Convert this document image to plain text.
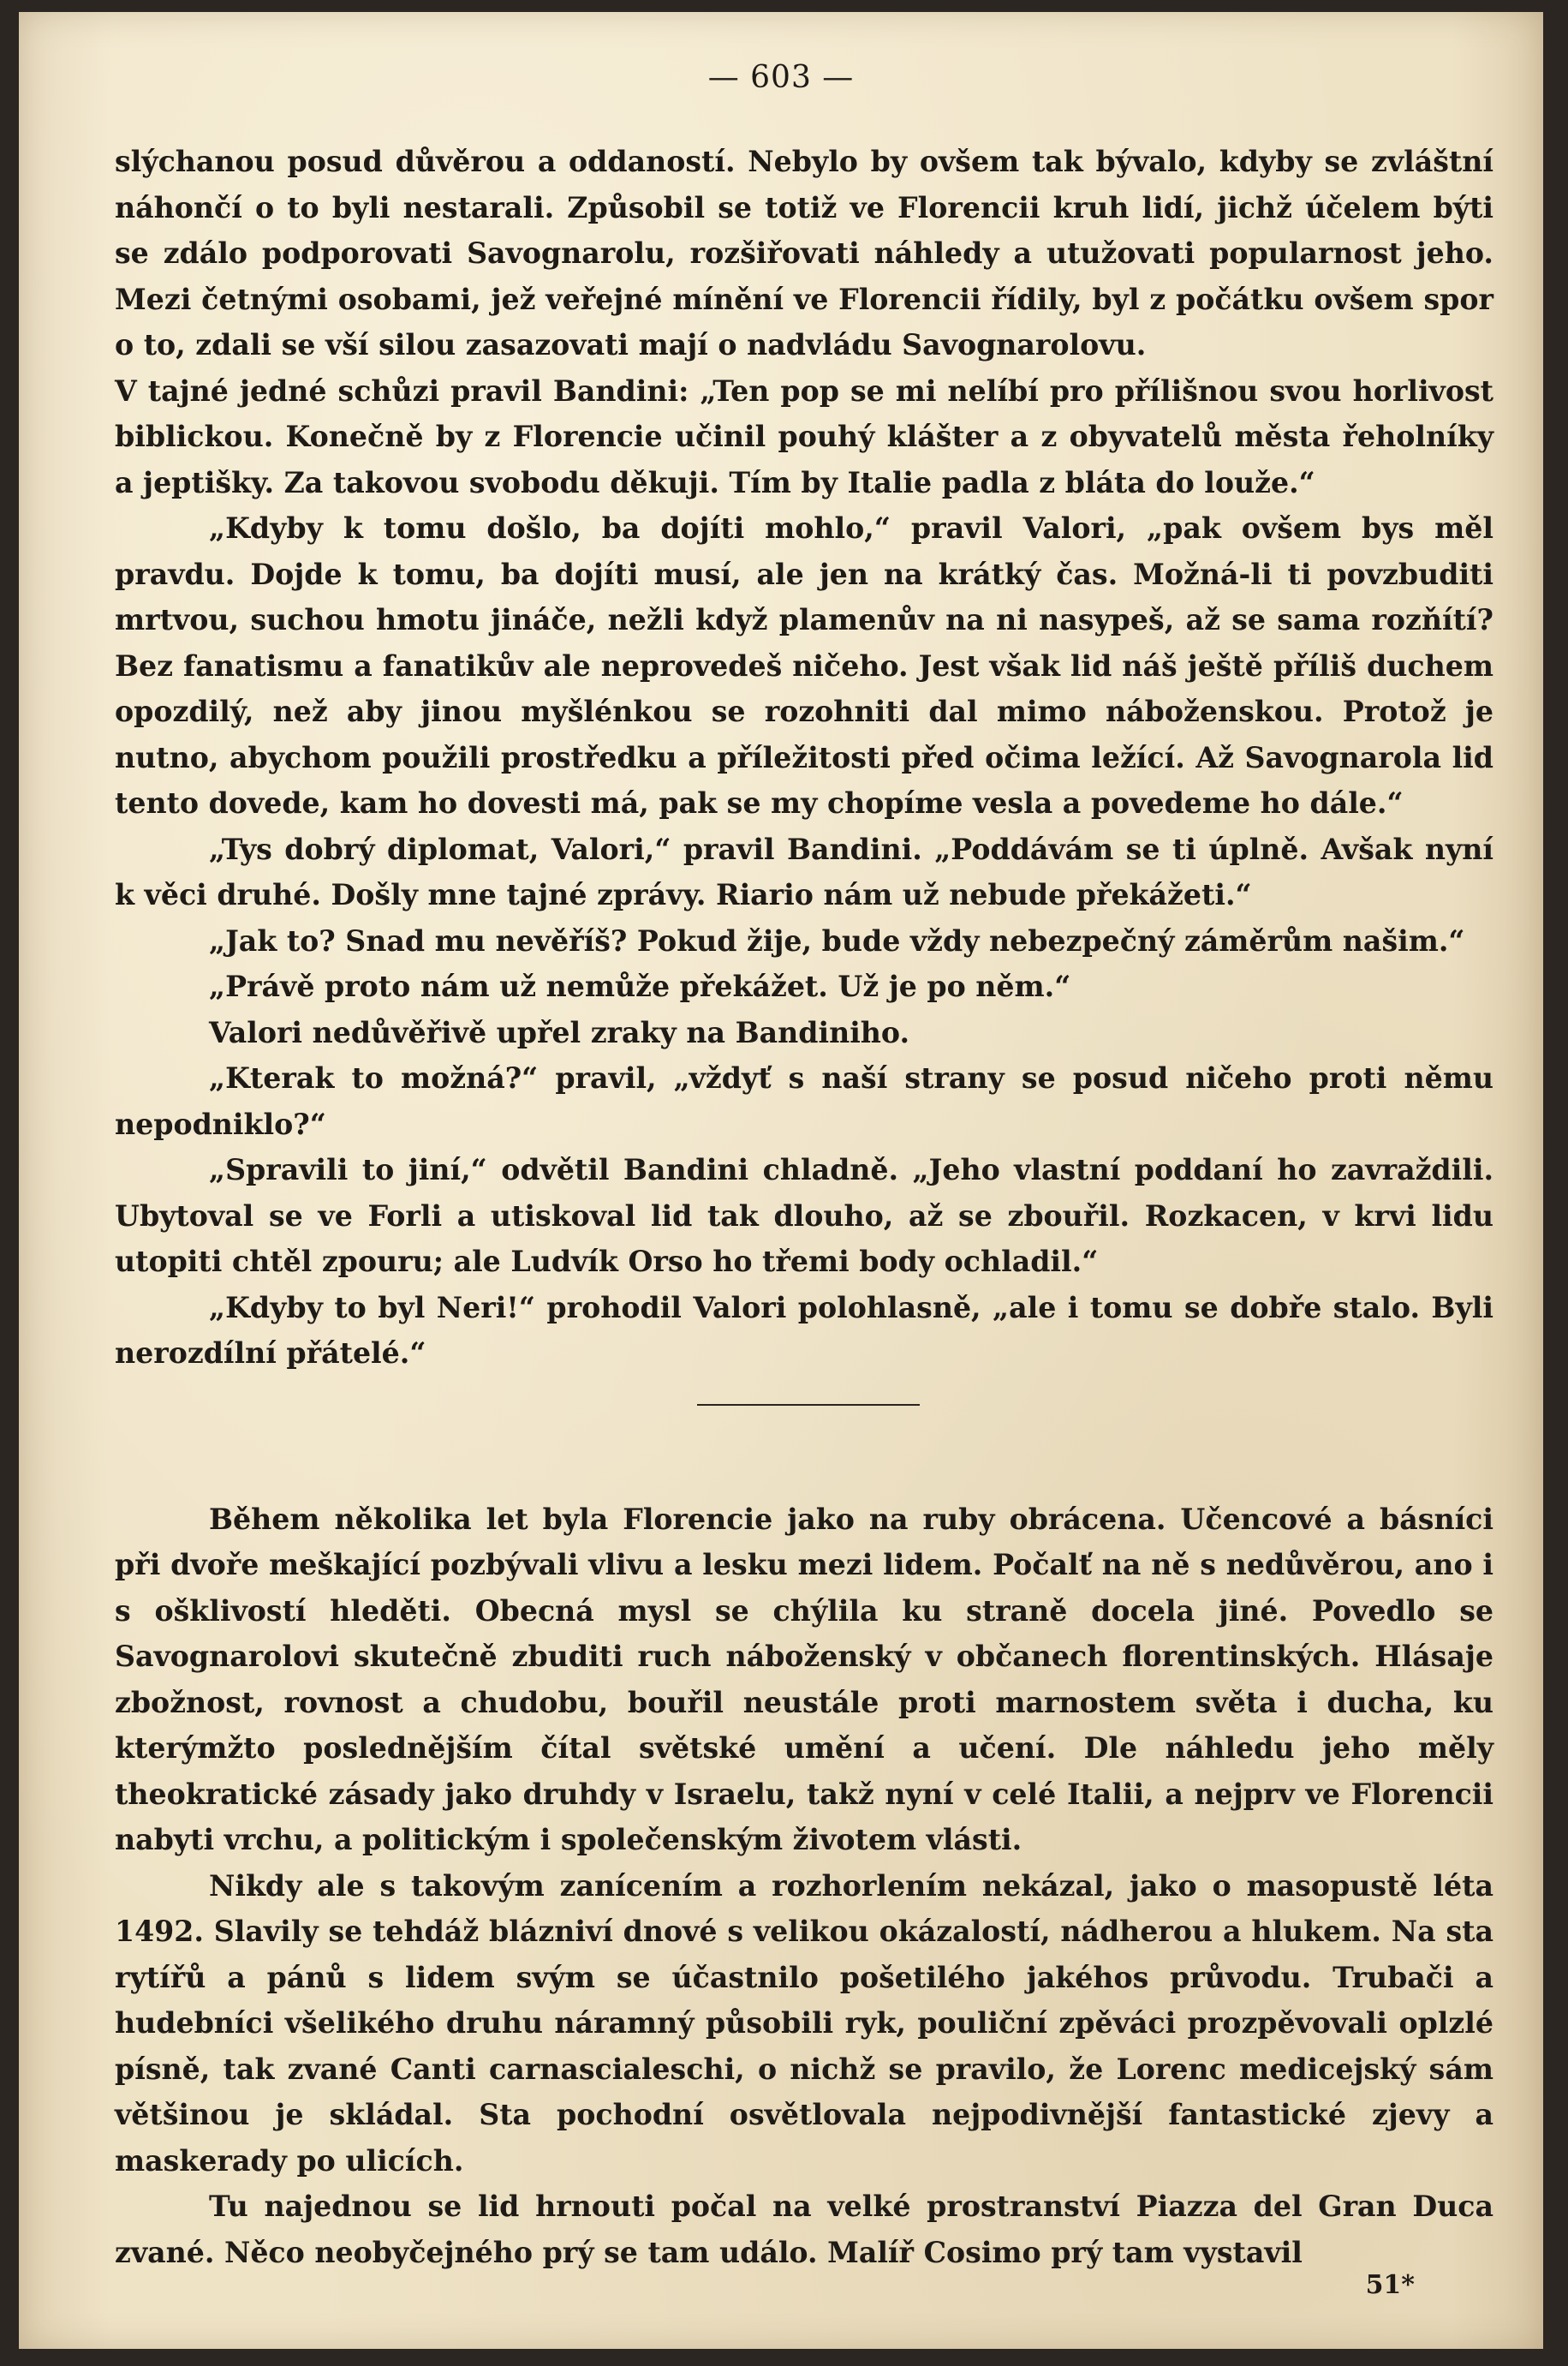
— 603 —

slýchanou posud důvěrou a oddaností. Nebylo by ovšem tak bývalo, kdyby se zvláštní náhončí o to byli nestarali. Způsobil se totiž ve Florencii kruh lidí, jichž účelem býti se zdálo podporovati Savognarolu, rozšiřovati náhledy a utužovati popularnost jeho. Mezi četnými osobami, jež veřejné mínění ve Florencii řídily, byl z počátku ovšem spor o to, zdali se vší silou zasazovati mají o nadvládu Savognarolovu.

V tajné jedné schůzi pravil Bandini: „Ten pop se mi nelíbí pro přílišnou svou horlivost biblickou. Konečně by z Florencie učinil pouhý klášter a z obyvatelů města řeholníky a jeptišky. Za takovou svobodu děkuji. Tím by Italie padla z bláta do louže.“

„Kdyby k tomu došlo, ba dojíti mohlo,“ pravil Valori, „pak ovšem bys měl pravdu. Dojde k tomu, ba dojíti musí, ale jen na krátký čas. Možná-li ti povzbuditi mrtvou, suchou hmotu jináče, nežli když plamenův na ni nasypeš, až se sama rozňítí? Bez fanatismu a fanatikův ale neprovedeš ničeho. Jest však lid náš ještě příliš duchem opozdilý, než aby jinou myšlénkou se rozohniti dal mimo náboženskou. Protož je nutno, abychom použili prostředku a příležitosti před očima ležící. Až Savognarola lid tento dovede, kam ho dovesti má, pak se my chopíme vesla a povedeme ho dále.“

„Tys dobrý diplomat, Valori,“ pravil Bandini. „Poddávám se ti úplně. Avšak nyní k věci druhé. Došly mne tajné zprávy. Riario nám už nebude překážeti.“

„Jak to? Snad mu nevěříš? Pokud žije, bude vždy nebezpečný záměrům našim.“

„Právě proto nám už nemůže překážet. Už je po něm.“

Valori nedůvěřivě upřel zraky na Bandiniho.

„Kterak to možná?“ pravil, „vždyť s naší strany se posud ničeho proti němu nepodniklo?“

„Spravili to jiní,“ odvětil Bandini chladně. „Jeho vlastní poddaní ho zavraždili. Ubytoval se ve Forli a utiskoval lid tak dlouho, až se zbouřil. Rozkacen, v krvi lidu utopiti chtěl zpouru; ale Ludvík Orso ho třemi body ochladil.“

„Kdyby to byl Neri!“ prohodil Valori polohlasně, „ale i tomu se dobře stalo. Byli nerozdílní přátelé.“

Během několika let byla Florencie jako na ruby obrácena. Učencové a básníci při dvoře meškající pozbývali vlivu a lesku mezi lidem. Počalť na ně s nedůvěrou, ano i s ošklivostí hleděti. Obecná mysl se chýlila ku straně docela jiné. Povedlo se Savognarolovi skutečně zbuditi ruch náboženský v občanech florentinských. Hlásaje zbožnost, rovnost a chudobu, bouřil neustále proti marnostem světa i ducha, ku kterýmžto poslednějším čítal světské umění a učení. Dle náhledu jeho měly theokratické zásady jako druhdy v Israelu, takž nyní v celé Italii, a nejprv ve Florencii nabyti vrchu, a politickým i společenským životem vlásti.

Nikdy ale s takovým zanícením a rozhorlením nekázal, jako o masopustě léta 1492. Slavily se tehdáž blázniví dnové s velikou okázalostí, nádherou a hlukem. Na sta rytířů a pánů s lidem svým se účastnilo pošetilého jakéhos průvodu. Trubači a hudebníci všelikého druhu náramný působili ryk, pouliční zpěváci prozpěvovali oplzlé písně, tak zvané Canti carnascialeschi, o nichž se pravilo, že Lorenc medicejský sám většinou je skládal. Sta pochodní osvětlovala nejpodivnější fantastické zjevy a maskerady po ulicích.

Tu najednou se lid hrnouti počal na velké prostranství Piazza del Gran Duca zvané. Něco neobyčejného prý se tam událo. Malíř Cosimo prý tam vystavil

51*
